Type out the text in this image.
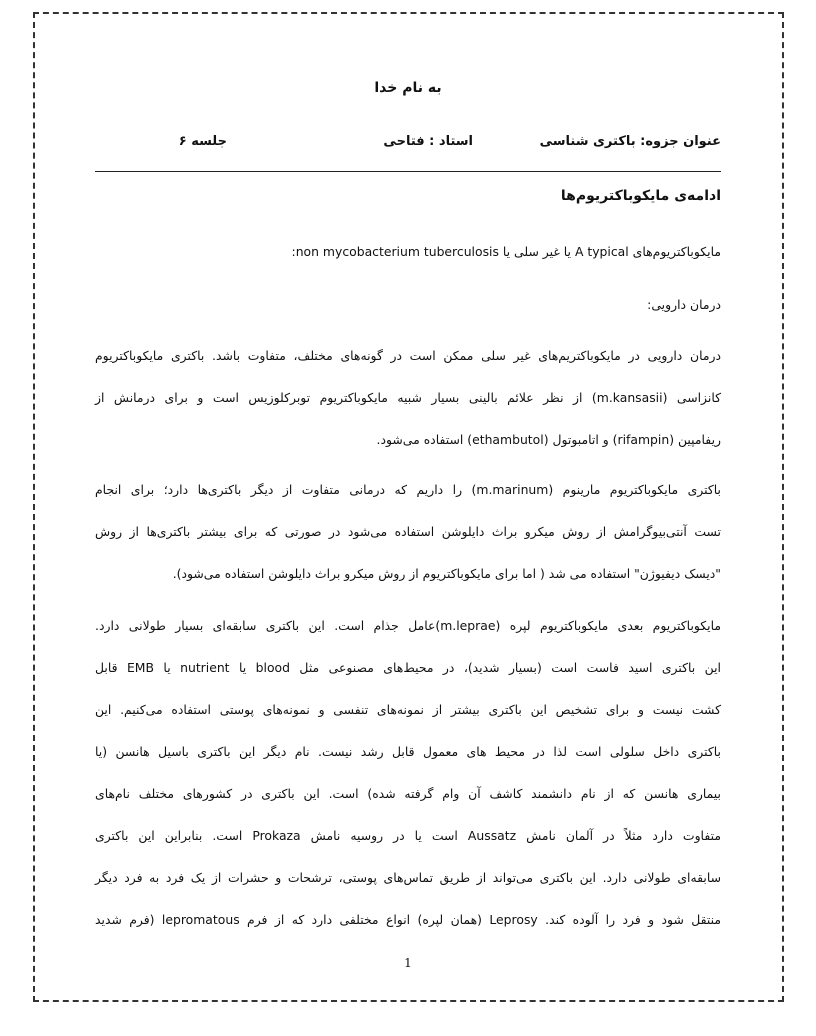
به نام خدا
عنوان جزوه: باکتری شناسی
استاد : فتاحی
جلسه ۶
ادامه‌ی مایکوباکتریوم‌ها
مایکوباکتریوم‌های A typical یا غیر سلی یا non mycobacterium tuberculosis:
درمان دارویی:
درمان دارویی در مایکوباکتریم‌های غیر سلی ممکن است در گونه‌های مختلف، متفاوت باشد. باکتری مایکوباکتریوم
کانزاسی (m.kansasii) از نظر علائم بالینی بسیار شبیه مایکوباکتریوم توبرکلوزیس است و برای درمانش از
ریفامپین (rifampin) و اتامبوتول (ethambutol) استفاده می‌شود.
باکتری مایکوباکتریوم مارینوم (m.marinum) را داریم که درمانی متفاوت از دیگر باکتری‌ها دارد؛ برای انجام
تست آنتی‌بیوگرامش از روش میکرو براث دایلوشن استفاده می‌شود در صورتی که برای بیشتر باکتری‌ها از روش
"دیسک دیفیوژن" استفاده می شد ( اما برای مایکوباکتریوم از روش میکرو براث دایلوشن استفاده می‌شود).
مایکوباکتریوم بعدی مایکوباکتریوم لپره (m.leprae)عامل جذام است. این باکتری سابقه‌ای بسیار طولانی دارد.
این باکتری اسید فاست است (بسیار شدید)، در محیط‌های مصنوعی مثل blood یا nutrient یا EMB قابل
کشت نیست و برای تشخیص این باکتری بیشتر از نمونه‌های تنفسی و نمونه‌های پوستی استفاده می‌کنیم. این
باکتری داخل سلولی است لذا در محیط های معمول قابل رشد نیست. نام دیگر این باکتری باسیل هانسن (یا
بیماری هانسن که از نام دانشمند کاشف آن وام گرفته شده) است. این باکتری در کشورهای مختلف نام‌های
متفاوت دارد مثلاً در آلمان نامش Aussatz است یا در روسیه نامش Prokaza است. بنابراین این باکتری
سابقه‌ای طولانی دارد. این باکتری می‌تواند از طریق تماس‌های پوستی، ترشحات و حشرات از یک فرد به فرد دیگر
منتقل شود و فرد را آلوده کند. Leprosy (همان لپره) انواع مختلفی دارد که از فرم lepromatous (فرم شدید
1
